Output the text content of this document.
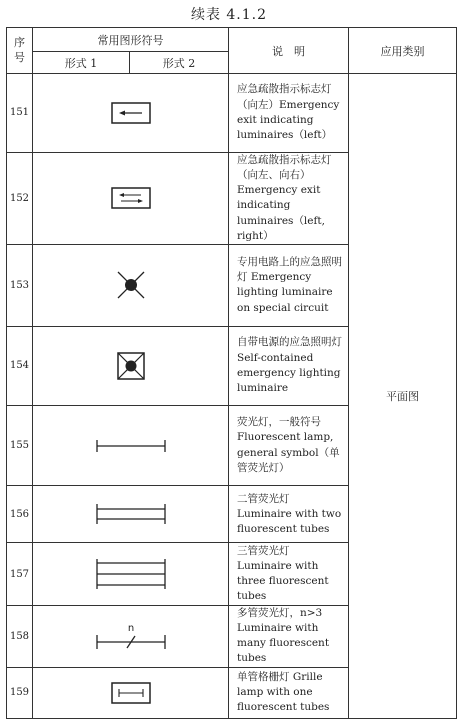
续表 4.1.2
序号	常用图形符号		说　明	应用类别
	形式 1	形式 2		
151			应急疏散指示标志灯（向左）Emergency exit indicating luminaires（left）	平面图
152			应急疏散指示标志灯（向左、向右）Emergency exit indicating luminaires（left, right）	
153			专用电路上的应急照明灯 Emergency lighting luminaire on special circuit	
154			自带电源的应急照明灯 Self-contained emergency lighting luminaire	
155			荧光灯，一般符号 Fluorescent lamp, general symbol（单管荧光灯）	
156			二管荧光灯 Luminaire with two fluorescent tubes	
157			三管荧光灯 Luminaire with three fluorescent tubes	
158	n		多管荧光灯，n>3 Luminaire with many fluorescent tubes	
159			单管格栅灯 Grille lamp with one fluorescent tubes	
